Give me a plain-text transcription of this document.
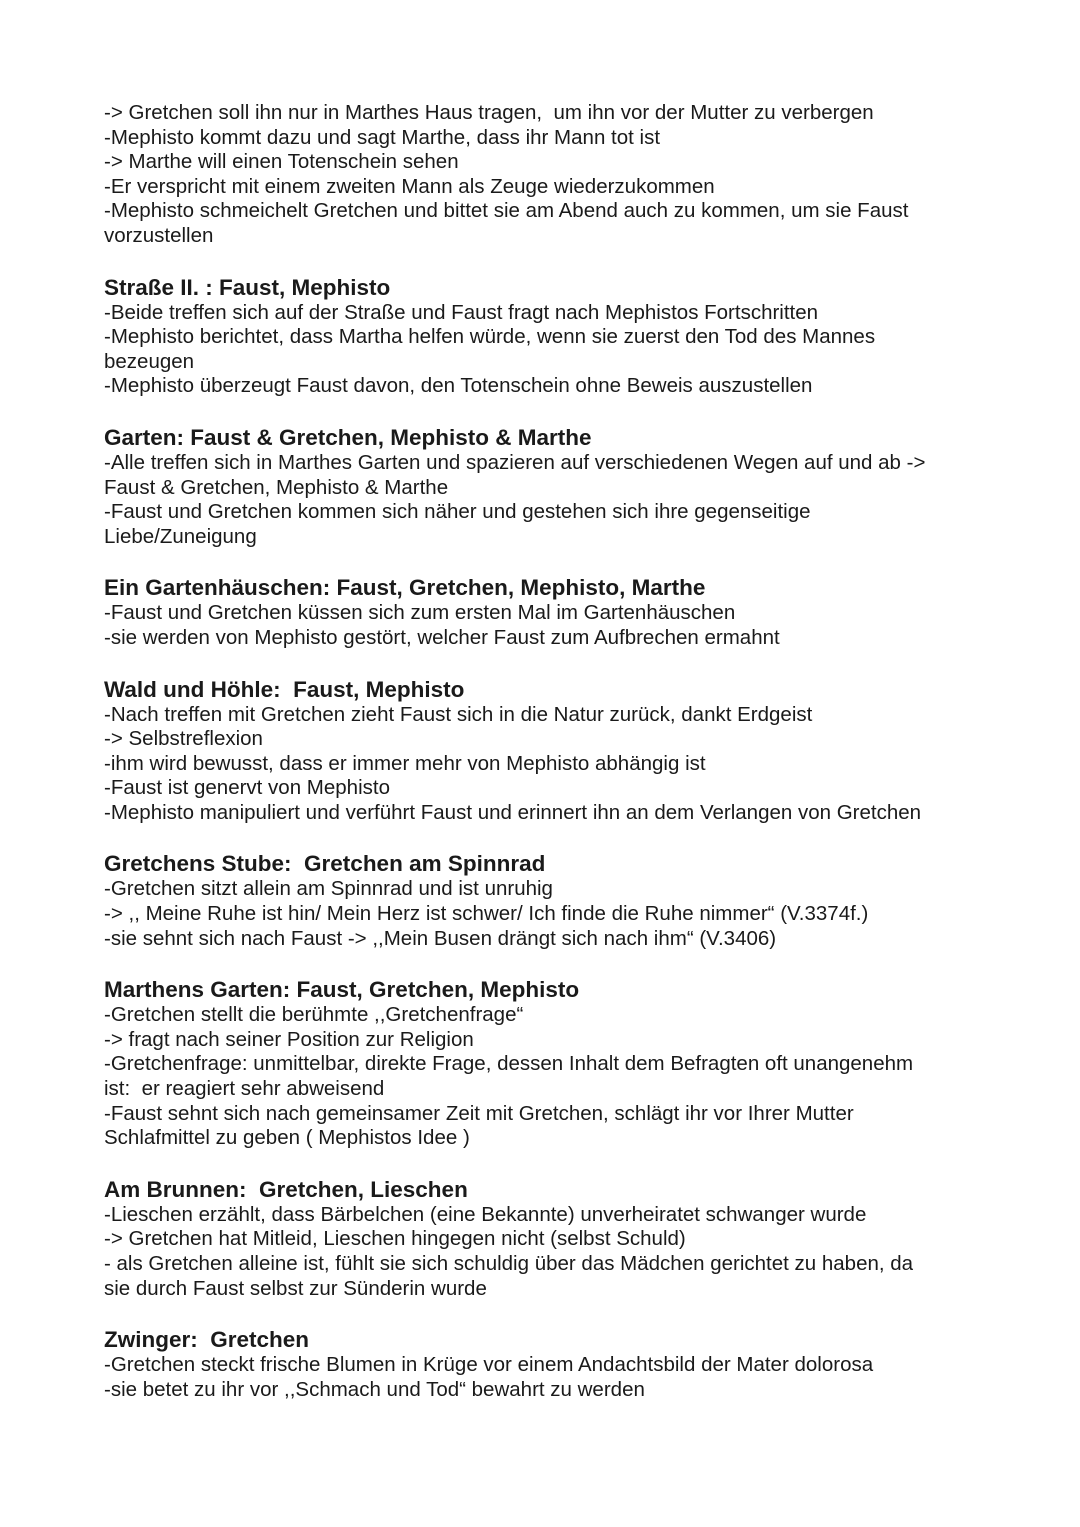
-> Gretchen soll ihn nur in Marthes Haus tragen,  um ihn vor der Mutter zu verbergen
-Mephisto kommt dazu und sagt Marthe, dass ihr Mann tot ist
-> Marthe will einen Totenschein sehen
-Er verspricht mit einem zweiten Mann als Zeuge wiederzukommen
-Mephisto schmeichelt Gretchen und bittet sie am Abend auch zu kommen, um sie Faust
vorzustellen
Straße II. : Faust, Mephisto
-Beide treffen sich auf der Straße und Faust fragt nach Mephistos Fortschritten
-Mephisto berichtet, dass Martha helfen würde, wenn sie zuerst den Tod des Mannes
bezeugen
-Mephisto überzeugt Faust davon, den Totenschein ohne Beweis auszustellen
Garten: Faust & Gretchen, Mephisto & Marthe
-Alle treffen sich in Marthes Garten und spazieren auf verschiedenen Wegen auf und ab ->
Faust & Gretchen, Mephisto & Marthe
-Faust und Gretchen kommen sich näher und gestehen sich ihre gegenseitige
Liebe/Zuneigung
Ein Gartenhäuschen: Faust, Gretchen, Mephisto, Marthe
-Faust und Gretchen küssen sich zum ersten Mal im Gartenhäuschen
-sie werden von Mephisto gestört, welcher Faust zum Aufbrechen ermahnt
Wald und Höhle:  Faust, Mephisto
-Nach treffen mit Gretchen zieht Faust sich in die Natur zurück, dankt Erdgeist
-> Selbstreflexion
-ihm wird bewusst, dass er immer mehr von Mephisto abhängig ist
-Faust ist genervt von Mephisto
-Mephisto manipuliert und verführt Faust und erinnert ihn an dem Verlangen von Gretchen
Gretchens Stube:  Gretchen am Spinnrad
-Gretchen sitzt allein am Spinnrad und ist unruhig
-> ,, Meine Ruhe ist hin/ Mein Herz ist schwer/ Ich finde die Ruhe nimmer“ (V.3374f.)
-sie sehnt sich nach Faust -> ,,Mein Busen drängt sich nach ihm“ (V.3406)
Marthens Garten: Faust, Gretchen, Mephisto
-Gretchen stellt die berühmte ,,Gretchenfrage“
-> fragt nach seiner Position zur Religion
-Gretchenfrage: unmittelbar, direkte Frage, dessen Inhalt dem Befragten oft unangenehm
ist:  er reagiert sehr abweisend
-Faust sehnt sich nach gemeinsamer Zeit mit Gretchen, schlägt ihr vor Ihrer Mutter
Schlafmittel zu geben ( Mephistos Idee )
Am Brunnen:  Gretchen, Lieschen
-Lieschen erzählt, dass Bärbelchen (eine Bekannte) unverheiratet schwanger wurde
-> Gretchen hat Mitleid, Lieschen hingegen nicht (selbst Schuld)
- als Gretchen alleine ist, fühlt sie sich schuldig über das Mädchen gerichtet zu haben, da
sie durch Faust selbst zur Sünderin wurde
Zwinger:  Gretchen
-Gretchen steckt frische Blumen in Krüge vor einem Andachtsbild der Mater dolorosa
-sie betet zu ihr vor ,,Schmach und Tod“ bewahrt zu werden
